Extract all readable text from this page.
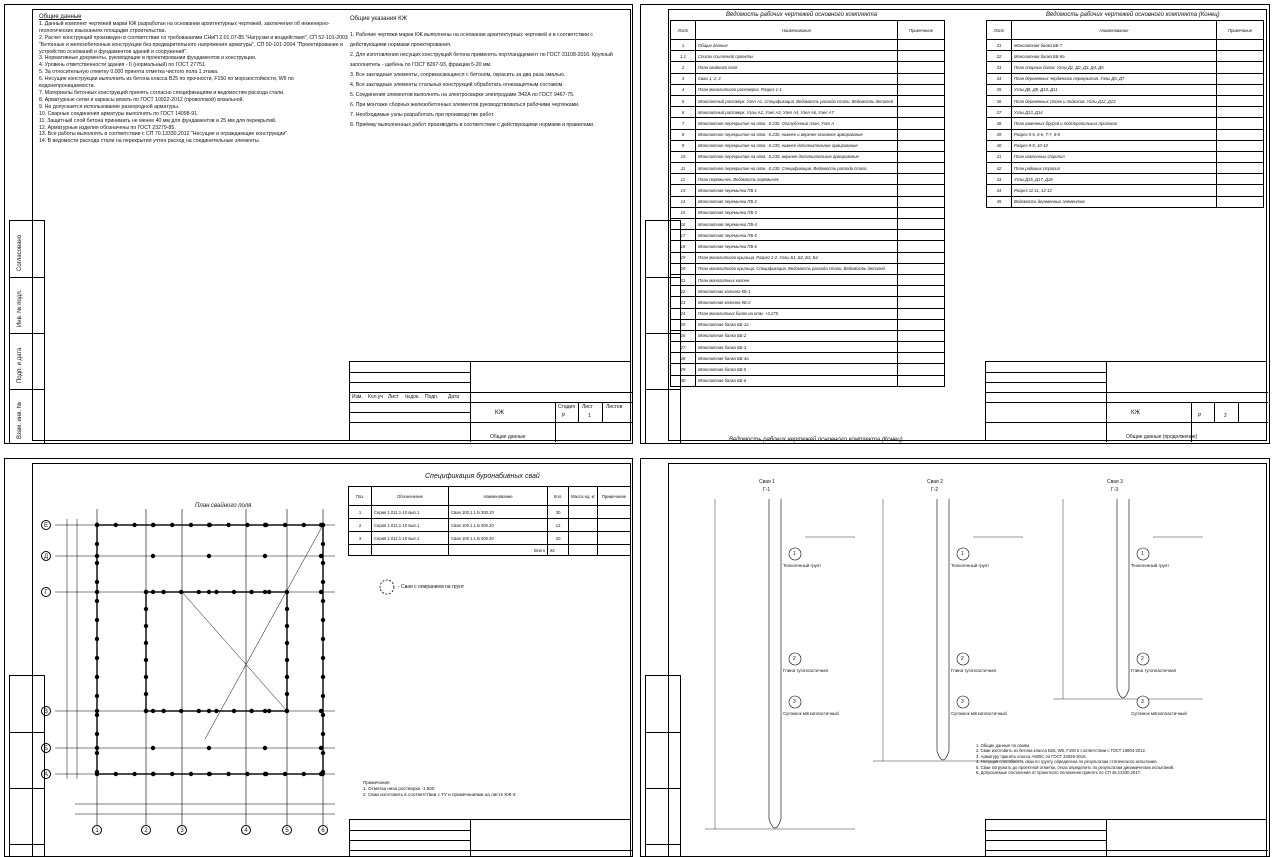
Общие данные

1. Данный комплект чертежей марки КЖ разработан на основании архитектурных чертежей, заключения об инженерно-геологических изысканиях площадки строительства.

2. Расчет конструкций произведен в соответствии со требованиями СНиП 2.01.07-85 "Нагрузки и воздействия", СП 52-101-2003 "Бетонные и железобетонные конструкции без предварительного напряжения арматуры", СП 50-101-2004 "Проектирование и устройство оснований и фундаментов зданий и сооружений".

3. Нормативные документы, руководящие в проектировании фундаментов и конструкции.

4. Уровень ответственности здания - II (нормальный) по ГОСТ 27751.

5. За относительную отметку 0.000 принята отметка чистого пола 1 этажа.

6. Несущие конструкции выполнить из бетона класса В25 по прочности, F150 по морозостойкости, W6 по водонепроницаемости.

7. Материалы бетонных конструкций принять согласно спецификациям и ведомостям расхода стали.

8. Арматурные сетки и каркасы вязать по ГОСТ 10922-2012 (проволокой) вязальной.

9. Не допускается использование разнородной арматуры.

10. Сварные соединения арматуры выполнять по ГОСТ 14098-91.

11. Защитный слой бетона принимать не менее 40 мм для фундаментов и 25 мм для перекрытий.

12. Арматурные изделия обозначены по ГОСТ 23279-85.

13. Все работы выполнять в соответствии с СП 70.13330.2012 "Несущие и ограждающие конструкции".

14. В ведомости расхода стали на перекрытия учтен расход на соединительные элементы.

Общие указания КЖ

1. Рабочие чертежи марки КЖ выполнены на основании архитектурных чертежей и в соответствии с действующими нормами проектирования.

2. Для изготовления несущих конструкций бетона применять портландцемент по ГОСТ 31108-2016. Крупный заполнитель - щебень по ГОСТ 8267-93, фракции 5-20 мм.

3. Все закладные элементы, соприкасающиеся с бетоном, окрасить за два раза эмалью.

4. Все закладные элементы стальных конструкций обработать огнезащитным составом.

5. Соединения элементов выполнять на электросварке электродами Э42А по ГОСТ 9467-75.

6. При монтаже сборных железобетонных элементов руководствоваться рабочими чертежами.

7. Необходимые узлы разработать при производстве работ.

8. Приёмку выполненных работ производить в соответствии с действующими нормами и правилами.

Согласовано
Инв. № подл.
Подп. и дата
Взам. инв. №
Изм. Кол.уч Лист №док. Подп. Дата
Стадия Лист	Листов
Р	1
КЖ
Общие данные
Ведомость рабочих чертежей основного комплекта
Лист	Наименование	Примечание
1	Общие данные	
1.1	Список ссылочной проекты	
2	План свайного поля	
3	Сваи 1, 2, 3	
4	План монолитного ростверка. Разрез 1-1	
5	Монолитный ростверк. Узел А1. Спецификация. Ведомость расхода стали. Ведомость деталей	
6	Монолитный ростверк. Узлы А2, Узел А3, Узел А4, Узел А6, Узел А7	
7	Монолитное перекрытие на отм. -0.230. Опалубочный план, Узел А	
8	Монолитное перекрытие на отм. -0.230, нижнее и верхнее основное армирование	
9	Монолитное перекрытие на отм. -0.230, нижнее дополнительное армирование	
10	Монолитное перекрытие на отм. -0.230, верхнее дополнительное армирование	
11	Монолитное перекрытие на отм. -0.230. Спецификация, Ведомость расхода стали	
12	План перемычек. Ведомость перемычек	
13	Монолитная перемычка ПБ-1	
14	Монолитная перемычка ПБ-2	
15	Монолитная перемычка ПБ-3	
16	Монолитная перемычка ПБ-4	
17	Монолитная перемычка ПБ-5	
18	Монолитная перемычка ПБ-6	
19	План монолитного крыльца. Разрез 2-2. Узлы Б1, Б2, Б3, Б4	
20	План монолитного крыльца. Спецификация, Ведомость расхода стали, Ведомость деталей	
21	План монолитных колонн	
22	Монолитная колонна КБ-1	
23	Монолитная колонна КБ-2	
24	План монолитных балок на отм. +3.275	
25	Монолитная балка ББ-1а	
26	Монолитная балка ББ-2	
27	Монолитная балка ББ-3	
28	Монолитная балка ББ-4а	
29	Монолитная балка ББ-5	
30	Монолитная балка ББ-6	
Ведомость рабочих чертежей основного комплекта (Конец)
Ведомость рабочих чертежей основного комплекта (Конец)
Лист	Наименование	Примечание
31	Монолитная балка ББ-7	
32	Монолитная балка ББ-8а	
33	План опорных балок. Узлы Д1, Д2, Д3, Д4, Д5	
34	План деревянных чердачного перекрытия. Узлы Д6, Д7	
35	Узлы Д8, Д9, Д10, Д11	
36	План деревянных стоек и подкосов. Узлы Д12, Д13	
37	Узлы Д13, Д14	
38	План каменных брусей и подстропильных прогонов	
39	Разрез 5-5, 6-6, 7-7, 8-8	
40	Разрез 9-9, 10-10	
41	План наклонных стропил	
42	План рядовых стропил	
43	Узлы Д15, Д17, Д18	
44	Разрез 11-11, 12-12	
45	Ведомость деревянных элементов	
Р	2
КЖ
Общие данные (продолжение)
План свайного поля
Е
Д
Г
В
Б
А
1	2	3	4	5	6
Спецификация буронабивных свай
Поз.	Обозначение	Наименование	Кол.	Масса ед. кг	Примечание
1	Серия 1.011.1-10 вып.1	Свая 100.1.1 Б 300.20	30		
2	Серия 1.011.1-10 вып.1	Свая 100.1.1 Б 300.20	12		
3	Серия 1.011.1-10 вып.1	Свая 100.1.1 Б 300.20	20		
		Всего	62		
- Свая с опиранием на грунт

Примечания

1. Отметка низа ростверка -1.500

2. Сваи изготовить в соответствии с ТУ и примечаниями на листе КЖ-3

1
Техногенный грунт
2
Глина тугопластичная
3
Суглинок мягкопластичный
Свая 1
Г-1
1
Техногенный грунт
2
Глина тугопластичная
3
Суглинок мягкопластичный
Свая 2
Г-2
1
Техногенный грунт
2
Глина тугопластичная
3
Суглинок мягкопластичный
Свая 3
Г-3

1. Общие данные по сваям.

2. Сваи изготовить из бетона класса В25, W6, F150 в соответствии с ГОСТ 19804-2012.

3. Арматуру принять класса А500С по ГОСТ 34028-2016.

4. Несущая способность сваи по грунту определена по результатам статического испытания.

5. Сваи погружать до проектной отметки, отказ определить по результатам динамических испытаний.

6. Допускаемые отклонения от проектного положения принять по СП 45.13330.2017.
